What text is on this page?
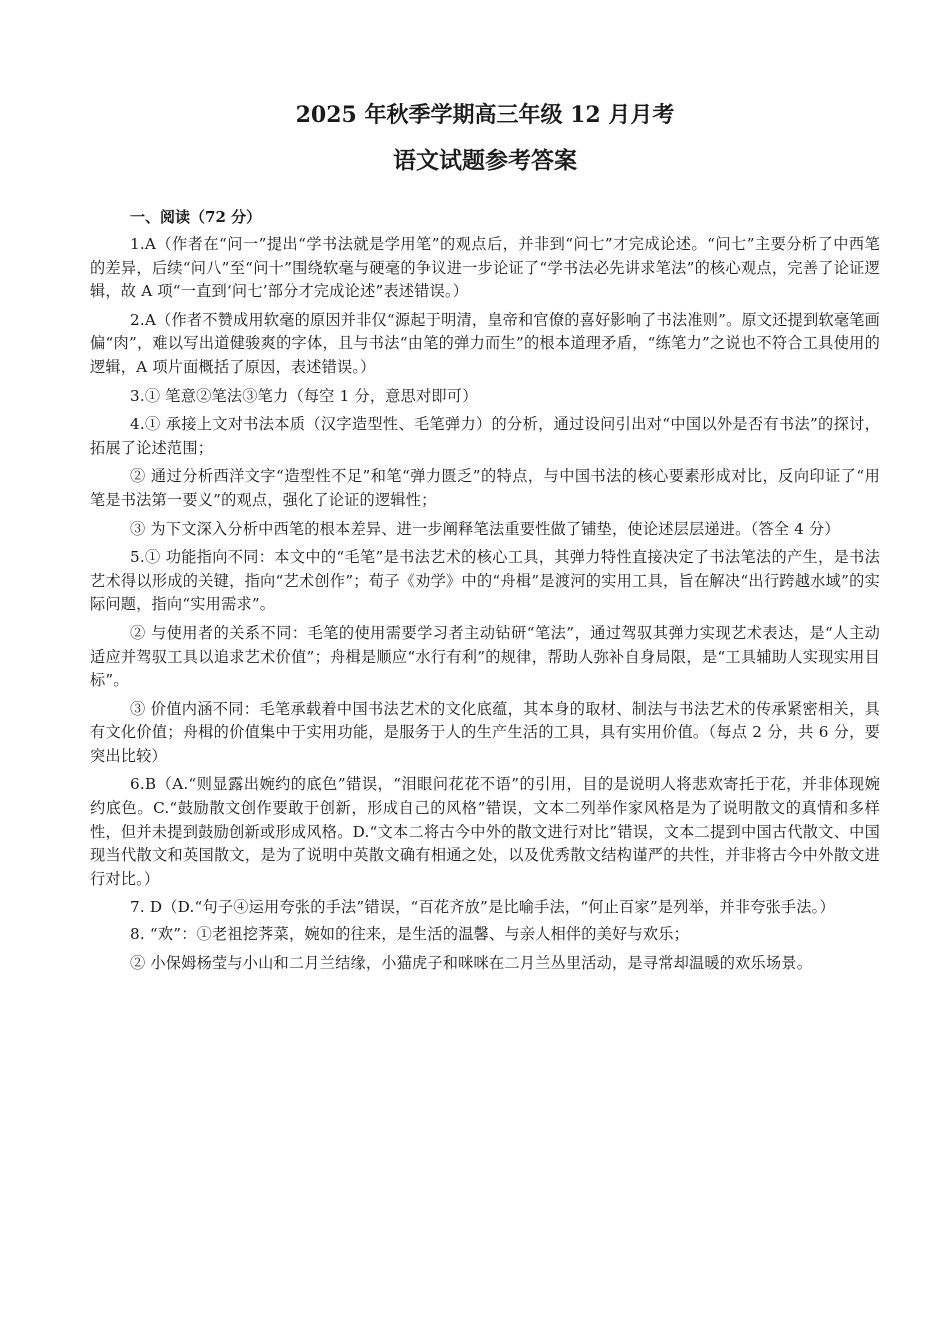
2025 年秋季学期高三年级 12 月月考
语文试题参考答案
一、阅读（72 分）

1.A（作者在“问一”提出“学书法就是学用笔”的观点后，并非到“问七”才完成论述。“问七”主要分析了中西笔的差异，后续“问八”至“问十”围绕软毫与硬毫的争议进一步论证了“学书法必先讲求笔法”的核心观点，完善了论证逻辑，故 A 项“一直到‘问七’部分才完成论述”表述错误。）

2.A（作者不赞成用软毫的原因并非仅“源起于明清，皇帝和官僚的喜好影响了书法准则”。原文还提到软毫笔画偏“肉”，难以写出道健骏爽的字体，且与书法“由笔的弹力而生”的根本道理矛盾，“练笔力”之说也不符合工具使用的逻辑，A 项片面概括了原因，表述错误。）

3.① 笔意②笔法③笔力（每空 1 分，意思对即可）

4.① 承接上文对书法本质（汉字造型性、毛笔弹力）的分析，通过设问引出对“中国以外是否有书法”的探讨，拓展了论述范围；

② 通过分析西洋文字“造型性不足”和笔“弹力匮乏”的特点，与中国书法的核心要素形成对比，反向印证了“用笔是书法第一要义”的观点，强化了论证的逻辑性；

③ 为下文深入分析中西笔的根本差异、进一步阐释笔法重要性做了铺垫，使论述层层递进。（答全 4 分）

5.① 功能指向不同：本文中的“毛笔”是书法艺术的核心工具，其弹力特性直接决定了书法笔法的产生，是书法艺术得以形成的关键，指向“艺术创作”；荀子《劝学》中的“舟楫”是渡河的实用工具，旨在解决“出行跨越水域”的实际问题，指向“实用需求”。

② 与使用者的关系不同：毛笔的使用需要学习者主动钻研“笔法”，通过驾驭其弹力实现艺术表达，是“人主动适应并驾驭工具以追求艺术价值”；舟楫是顺应“水行有利”的规律，帮助人弥补自身局限，是“工具辅助人实现实用目标”。

③ 价值内涵不同：毛笔承载着中国书法艺术的文化底蕴，其本身的取材、制法与书法艺术的传承紧密相关，具有文化价值；舟楫的价值集中于实用功能，是服务于人的生产生活的工具，具有实用价值。（每点 2 分，共 6 分，要突出比较）

6.B（A.“则显露出婉约的底色”错误，“泪眼问花花不语”的引用，目的是说明人将悲欢寄托于花，并非体现婉约底色。C.“鼓励散文创作要敢于创新，形成自己的风格”错误，文本二列举作家风格是为了说明散文的真情和多样性，但并未提到鼓励创新或形成风格。D.“文本二将古今中外的散文进行对比”错误，文本二提到中国古代散文、中国现当代散文和英国散文，是为了说明中英散文确有相通之处，以及优秀散文结构谨严的共性，并非将古今中外散文进行对比。）

7. D（D.“句子④运用夸张的手法”错误，“百花齐放”是比喻手法，“何止百家”是列举，并非夸张手法。）

8. “欢”：①老祖挖荠菜，婉如的往来，是生活的温馨、与亲人相伴的美好与欢乐；

② 小保姆杨莹与小山和二月兰结缘，小猫虎子和咪咪在二月兰丛里活动，是寻常却温暖的欢乐场景。
